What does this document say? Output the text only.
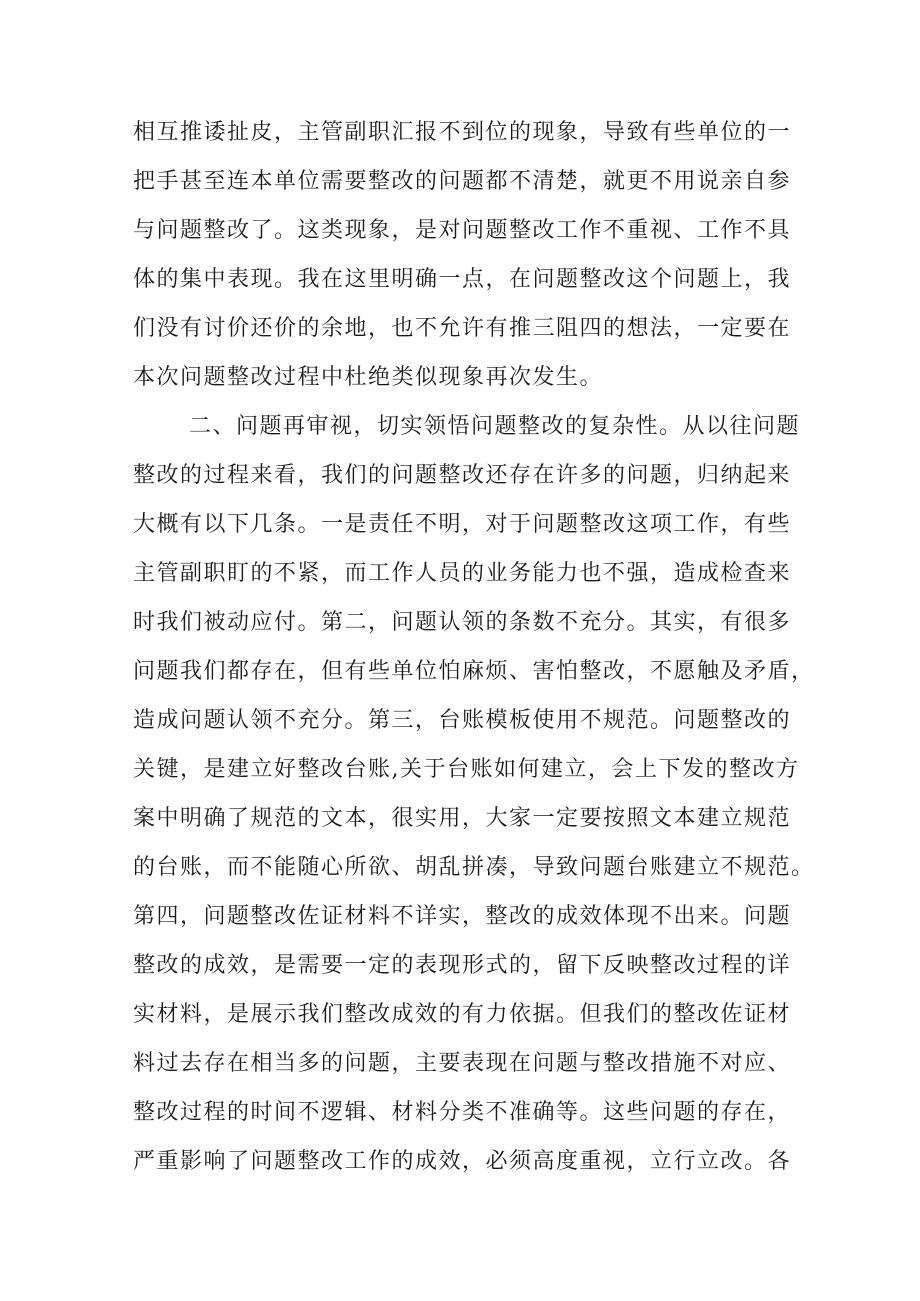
相互推诿扯皮，主管副职汇报不到位的现象，导致有些单位的一
把手甚至连本单位需要整改的问题都不清楚，就更不用说亲自参
与问题整改了。这类现象，是对问题整改工作不重视、工作不具
体的集中表现。我在这里明确一点，在问题整改这个问题上，我
们没有讨价还价的余地，也不允许有推三阻四的想法，一定要在
本次问题整改过程中杜绝类似现象再次发生。
二、问题再审视，切实领悟问题整改的复杂性。从以往问题
整改的过程来看，我们的问题整改还存在许多的问题，归纳起来
大概有以下几条。一是责任不明，对于问题整改这项工作，有些
主管副职盯的不紧，而工作人员的业务能力也不强，造成检查来
时我们被动应付。第二，问题认领的条数不充分。其实，有很多
问题我们都存在，但有些单位怕麻烦、害怕整改，不愿触及矛盾，
造成问题认领不充分。第三，台账模板使用不规范。问题整改的
关键，是建立好整改台账,关于台账如何建立，会上下发的整改方
案中明确了规范的文本，很实用，大家一定要按照文本建立规范
的台账，而不能随心所欲、胡乱拼凑，导致问题台账建立不规范。
第四，问题整改佐证材料不详实，整改的成效体现不出来。问题
整改的成效，是需要一定的表现形式的，留下反映整改过程的详
实材料，是展示我们整改成效的有力依据。但我们的整改佐证材
料过去存在相当多的问题，主要表现在问题与整改措施不对应、
整改过程的时间不逻辑、材料分类不准确等。这些问题的存在，
严重影响了问题整改工作的成效，必须高度重视，立行立改。各
